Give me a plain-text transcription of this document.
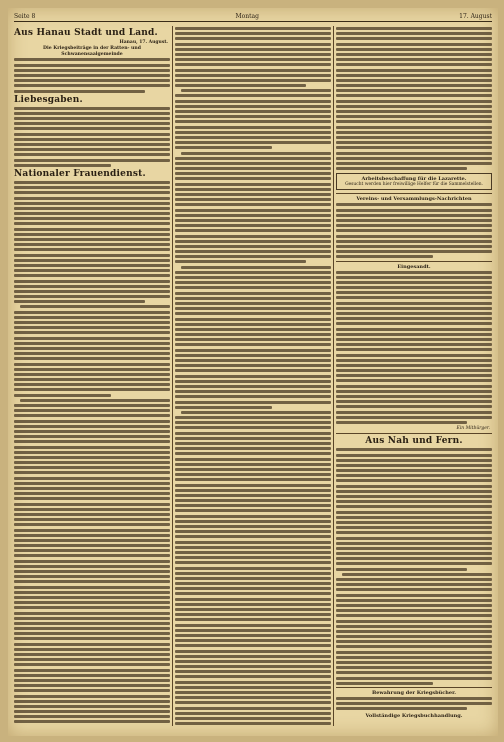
Seite 8	Montag	17. August
Aus Hanau Stadt und Land.
Hanau, 17. August.
Die Kriegsbeiträge in der Ratten- und Schwanensaalgemeinde
Liebesgaben.
Nationaler Frauendienst.
Arbeitsbeschaffung für die Lazarette.
Gesucht werden hier freiwillige Helfer für die Sammelstellen.
Vereins- und Versammlungs-Nachrichten
Eingesandt.
Ein Mitbürger.
Aus Nah und Fern.
Bewahrung der Kriegsbücher.
Vollständige Kriegsbuchhandlung.
